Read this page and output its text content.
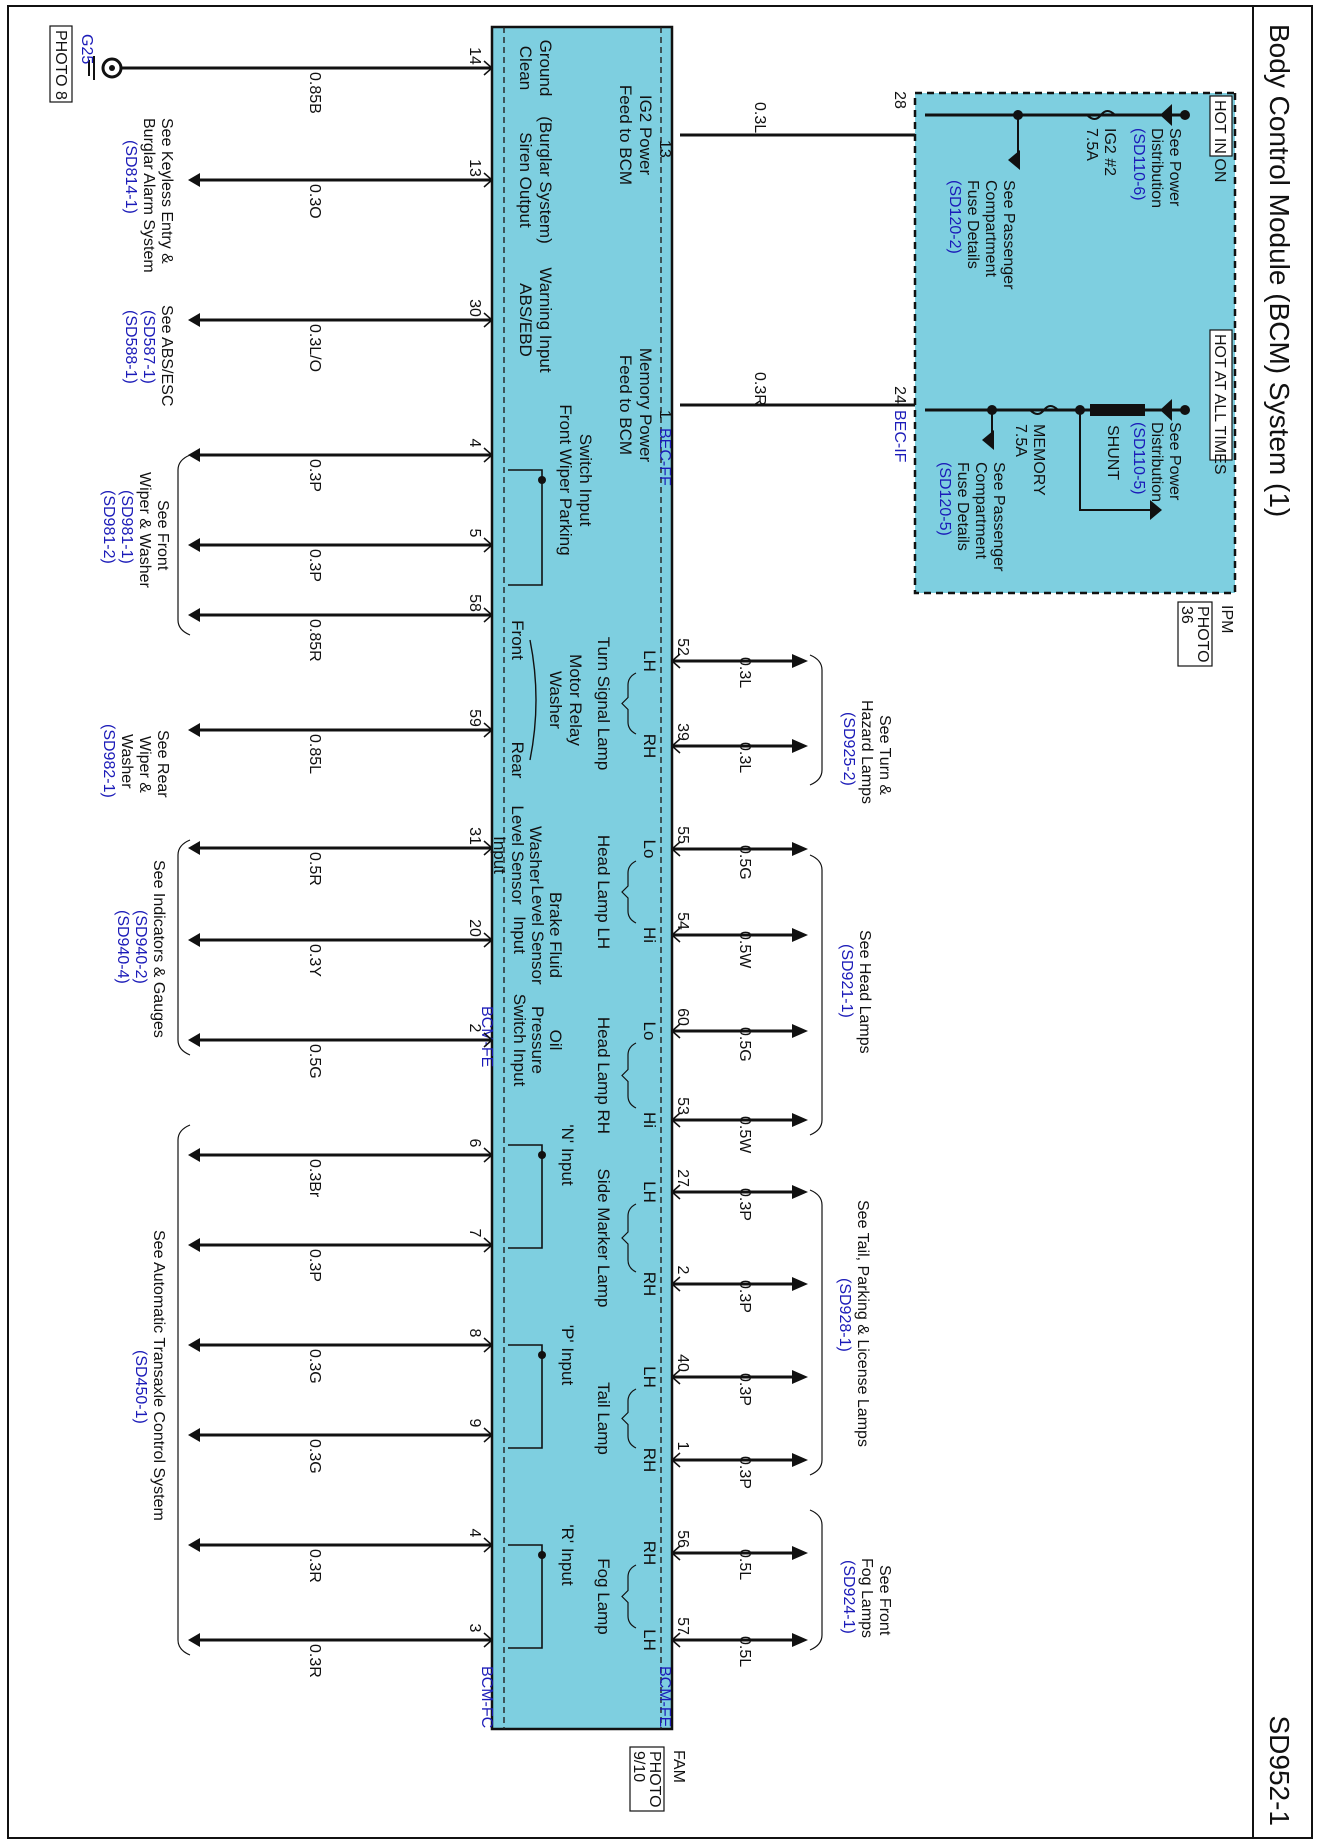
Body Control Module (BCM) System (1)
SD952-1
HOT IN ON
HOT AT ALL TIMES
IPM
PHOTO
36
See Power
Distribution
(SD110-6)
IG2 #2
7.5A
See Passenger
Compartment
Fuse Details
(SD120-2)
See Power
Distribution
(SD110-5)
SHUNT
MEMORY
7.5A
See Passenger
Compartment
Fuse Details
(SD120-5)
28
24
BEC-IF
0.3L
0.3R
FAM
PHOTO
9/10
IG2 Power
Feed to BCM
Memory Power
Feed to BCM
13
1
BEC-FF
BCM-FE
BCM-FE
BCM-FC
Clean Ground
Siren Output (Burglar System)
ABS/EBD Warning Input
Front Wiper Parking Switch Input
Washer Motor Relay
Front
Rear
Washer
Level Sensor
Input
Brake Fluid
Level Sensor
Input
Oil
Pressure
Switch Input
'N' Input
'P' Input
'R' Input
52
0.3L
LH
39
0.3L
RH
55
0.5G
Lo
54
0.5W
Hi
60
0.5G
Lo
53
0.5W
Hi
27
0.3P
LH
2
0.3P
RH
40
0.3P
LH
1
0.3P
RH
56
0.5L
RH
57
0.5L
LH
Turn Signal Lamp
Head Lamp LH
Head Lamp RH
Side Marker Lamp
Tail Lamp
Fog Lamp
14
0.85B
13
0.3O
30
0.3L/O
4
0.3P
5
0.3P
58
0.85R
59
0.85L
31
0.5R
20
0.3Y
2
0.5G
6
0.3Br
7
0.3P
8
0.3G
9
0.3G
4
0.3R
3
0.3R
See Turn &
Hazard Lamps
(SD925-2)
See Head Lamps
(SD921-1)
See Tail, Parking & License Lamps
(SD928-1)
See Front
Fog Lamps
(SD924-1)
G25
PHOTO 8
See Keyless Entry &
Burglar Alarm System
(SD814-1)
See ABS/ESC
(SD587-1)
(SD588-1)
See Front
Wiper & Washer
(SD981-1)
(SD981-2)
See Rear
Wiper &
Washer
(SD982-1)
See Indicators & Gauges
(SD940-2)
(SD940-4)
See Automatic Transaxle Control System
(SD450-1)
